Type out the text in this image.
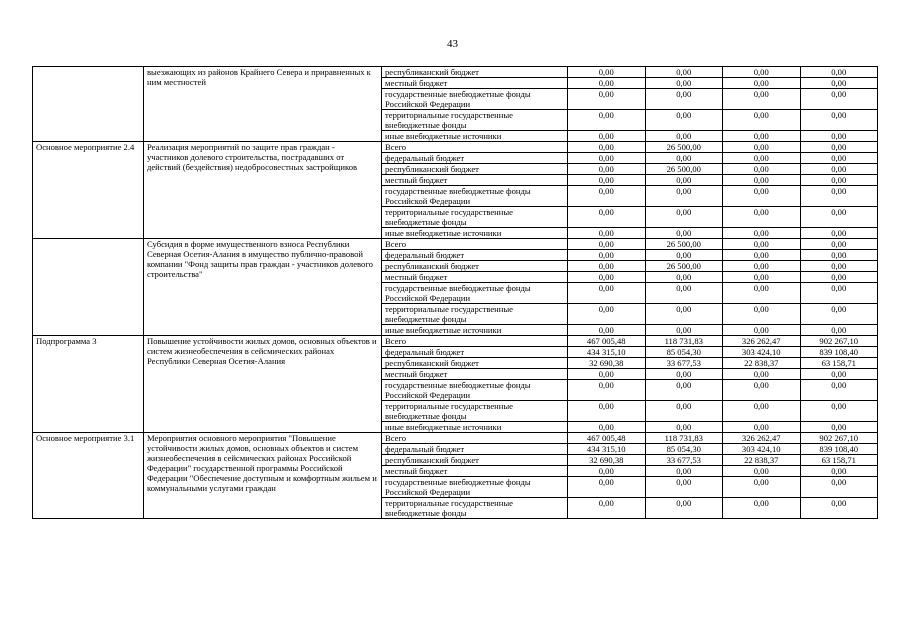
43
	выезжающих из районов Крайнего Севера и приравненных к ним местностей	республиканский бюджет	0,00	0,00	0,00	0,00
		местный бюджет	0,00	0,00	0,00	0,00
		государственные внебюджетные фонды Российской Федерации	0,00	0,00	0,00	0,00
		территориальные государственные внебюджетные фонды	0,00	0,00	0,00	0,00
		иные внебюджетные источники	0,00	0,00	0,00	0,00
Основное мероприятие 2.4	Реализация мероприятий по защите прав граждан - участников долевого строительства, пострадавших от действий (бездействия) недобросовестных застройщиков	Всего	0,00	26 500,00	0,00	0,00
		федеральный бюджет	0,00	0,00	0,00	0,00
		республиканский бюджет	0,00	26 500,00	0,00	0,00
		местный бюджет	0,00	0,00	0,00	0,00
		государственные внебюджетные фонды Российской Федерации	0,00	0,00	0,00	0,00
		территориальные государственные внебюджетные фонды	0,00	0,00	0,00	0,00
		иные внебюджетные источники	0,00	0,00	0,00	0,00
	Субсидия в форме имущественного взноса Республики Северная Осетия-Алания в имущество публично-правовой компании "Фонд защиты прав граждан - участников долевого строительства"	Всего	0,00	26 500,00	0,00	0,00
		федеральный бюджет	0,00	0,00	0,00	0,00
		республиканский бюджет	0,00	26 500,00	0,00	0,00
		местный бюджет	0,00	0,00	0,00	0,00
		государственные внебюджетные фонды Российской Федерации	0,00	0,00	0,00	0,00
		территориальные государственные внебюджетные фонды	0,00	0,00	0,00	0,00
		иные внебюджетные источники	0,00	0,00	0,00	0,00
Подпрограмма 3	Повышение устойчивости жилых домов, основных объектов и систем жизнеобеспечения в сейсмических районах Республики Северная Осетия-Алания	Всего	467 005,48	118 731,83	326 262,47	902 267,10
		федеральный бюджет	434 315,10	85 054,30	303 424,10	839 108,40
		республиканский бюджет	32 690,38	33 677,53	22 838,37	63 158,71
		местный бюджет	0,00	0,00	0,00	0,00
		государственные внебюджетные фонды Российской Федерации	0,00	0,00	0,00	0,00
		территориальные государственные внебюджетные фонды	0,00	0,00	0,00	0,00
		иные внебюджетные источники	0,00	0,00	0,00	0,00
Основное мероприятие 3.1	Мероприятия основного мероприятия "Повышение устойчивости жилых домов, основных объектов и систем жизнеобеспечения в сейсмических районах Российской Федерации" государственной программы Российской Федерации "Обеспечение доступным и комфортным жильем и коммунальными услугами граждан	Всего	467 005,48	118 731,83	326 262,47	902 267,10
		федеральный бюджет	434 315,10	85 054,30	303 424,10	839 108,40
		республиканский бюджет	32 690,38	33 677,53	22 838,37	63 158,71
		местный бюджет	0,00	0,00	0,00	0,00
		государственные внебюджетные фонды Российской Федерации	0,00	0,00	0,00	0,00
		территориальные государственные внебюджетные фонды	0,00	0,00	0,00	0,00
